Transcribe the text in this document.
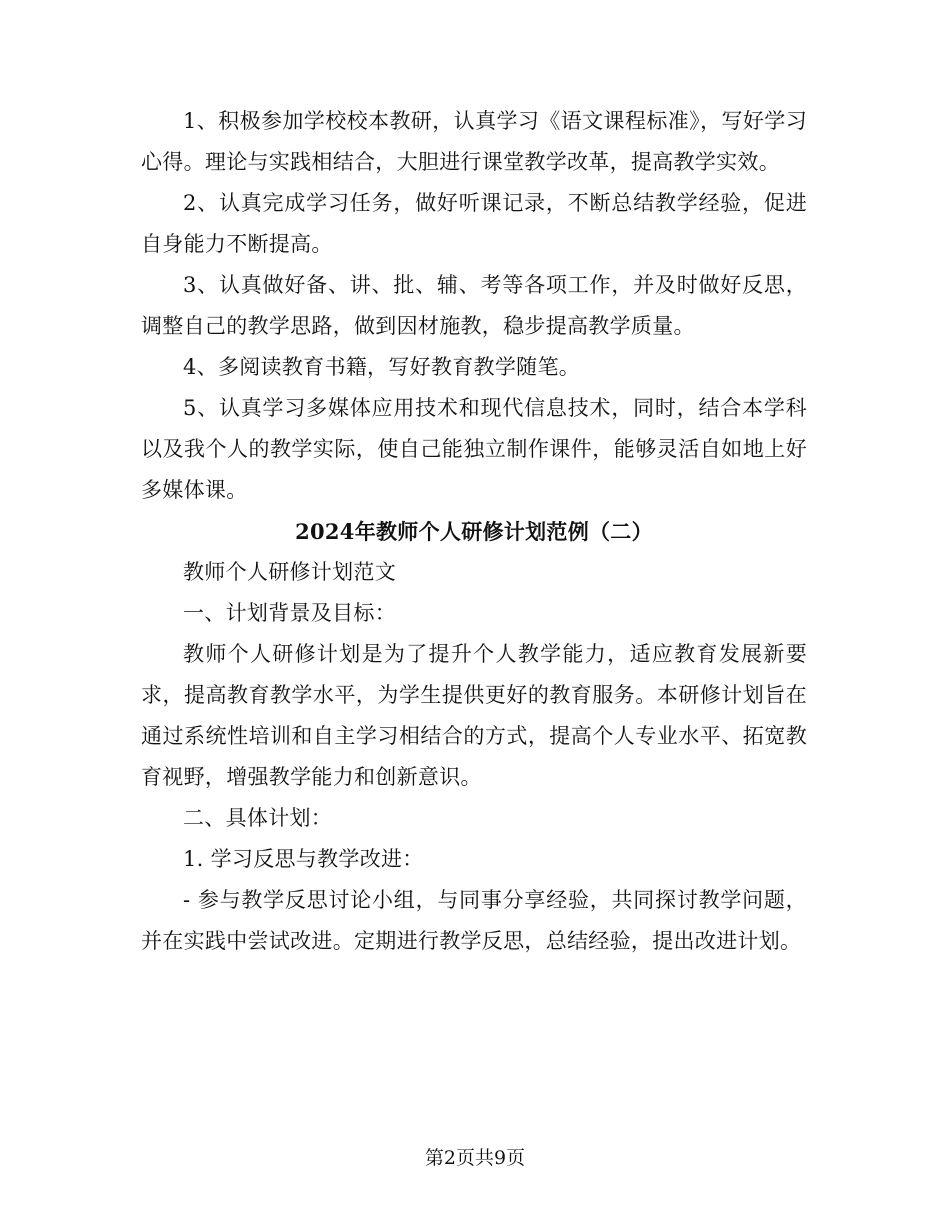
1、积极参加学校校本教研，认真学习《语文课程标准》，写好学习心得。理论与实践相结合，大胆进行课堂教学改革，提高教学实效。

2、认真完成学习任务，做好听课记录，不断总结教学经验，促进自身能力不断提高。

3、认真做好备、讲、批、辅、考等各项工作，并及时做好反思，调整自己的教学思路，做到因材施教，稳步提高教学质量。

4、多阅读教育书籍，写好教育教学随笔。

5、认真学习多媒体应用技术和现代信息技术，同时，结合本学科以及我个人的教学实际，使自己能独立制作课件，能够灵活自如地上好多媒体课。

2024年教师个人研修计划范例（二）

教师个人研修计划范文

一、计划背景及目标：

教师个人研修计划是为了提升个人教学能力，适应教育发展新要求，提高教育教学水平，为学生提供更好的教育服务。本研修计划旨在通过系统性培训和自主学习相结合的方式，提高个人专业水平、拓宽教育视野，增强教学能力和创新意识。

二、具体计划：

1. 学习反思与教学改进：

- 参与教学反思讨论小组，与同事分享经验，共同探讨教学问题，并在实践中尝试改进。定期进行教学反思，总结经验，提出改进计划。

第2页共9页
